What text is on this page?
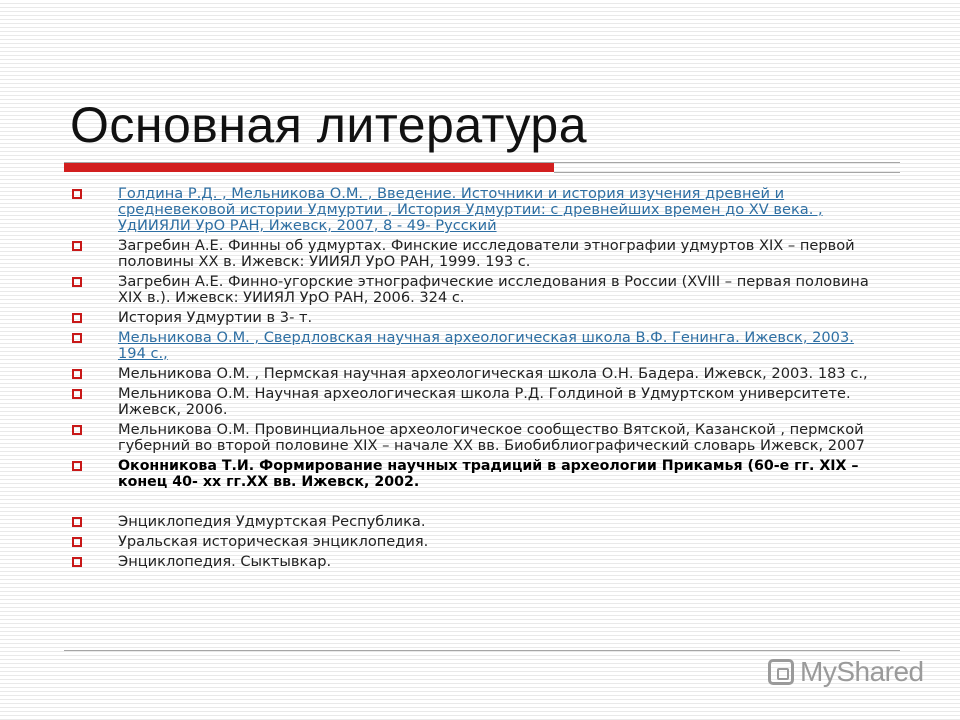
Основная литература
Голдина Р.Д. , Мельникова О.М. , Введение. Источники и история изучения древней и средневековой истории Удмуртии , История Удмуртии: с древнейших времен до XV века. , УдИИЯЛИ УрО РАН, Ижевск, 2007, 8 - 49- Русский
Загребин А.Е. Финны об удмуртах. Финские исследователи этнографии удмуртов XIX – первой половины ХХ в. Ижевск: УИИЯЛ УрО РАН, 1999. 193 с.
Загребин А.Е. Финно-угорские этнографические исследования в России (XVIII – первая половина XIX в.). Ижевск: УИИЯЛ УрО РАН, 2006. 324 с.
История Удмуртии в 3- т.
Мельникова О.М. , Свердловская научная археологическая школа В.Ф. Генинга. Ижевск, 2003. 194 с.,
Мельникова О.М. , Пермская научная археологическая школа О.Н. Бадера. Ижевск, 2003. 183 с.,
Мельникова О.М. Научная археологическая школа Р.Д. Голдиной в Удмуртском университете. Ижевск, 2006.
Мельникова О.М. Провинциальное археологическое сообщество Вятской, Казанской , пермской губерний во второй половине XIX – начале ХХ вв. Биобиблиографический словарь Ижевск, 2007
Оконникова Т.И. Формирование научных традиций в археологии Прикамья (60-е гг. XIX – конец 40- хх гг.ХХ вв. Ижевск, 2002.
Энциклопедия Удмуртская Республика.
Уральская историческая энциклопедия.
Энциклопедия. Сыктывкар.
MyShared
